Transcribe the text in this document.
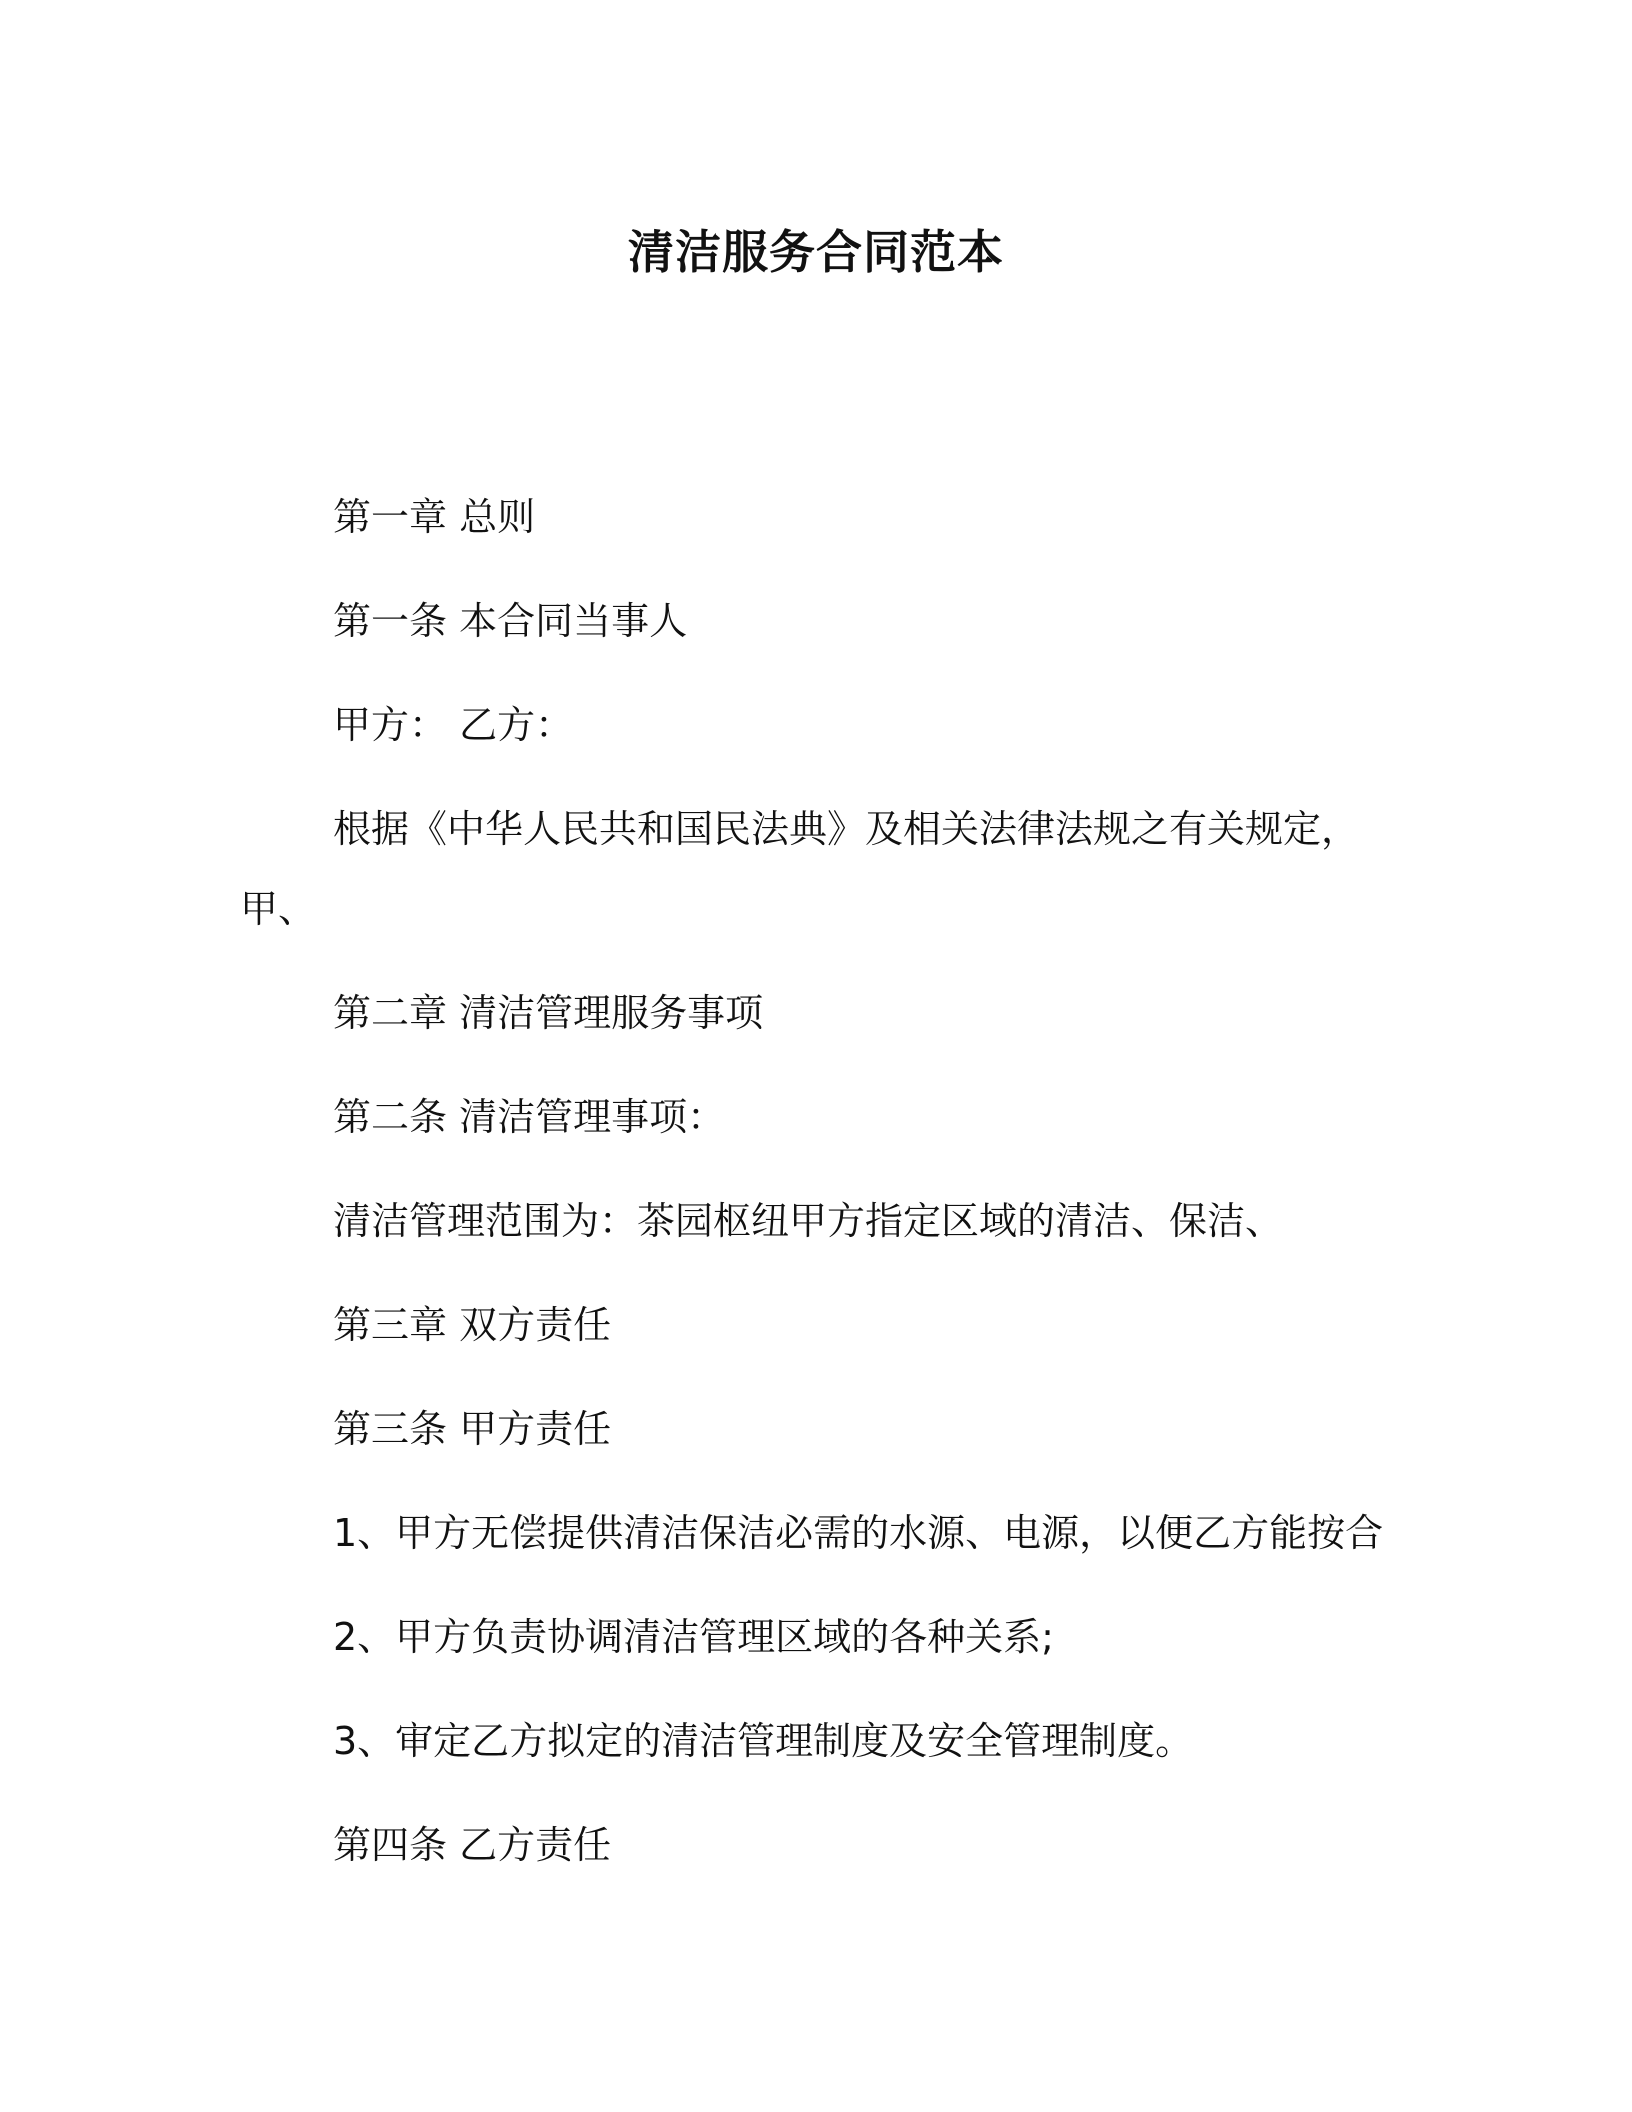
清洁服务合同范本

第一章 总则

第一条 本合同当事人

甲方： 乙方：

根据《中华人民共和国民法典》及相关法律法规之有关规定，

甲、

第二章 清洁管理服务事项

第二条 清洁管理事项：

清洁管理范围为：茶园枢纽甲方指定区域的清洁、保洁、

第三章 双方责任

第三条 甲方责任

1、甲方无偿提供清洁保洁必需的水源、电源，以便乙方能按合

2、甲方负责协调清洁管理区域的各种关系;

3、审定乙方拟定的清洁管理制度及安全管理制度。

第四条 乙方责任
